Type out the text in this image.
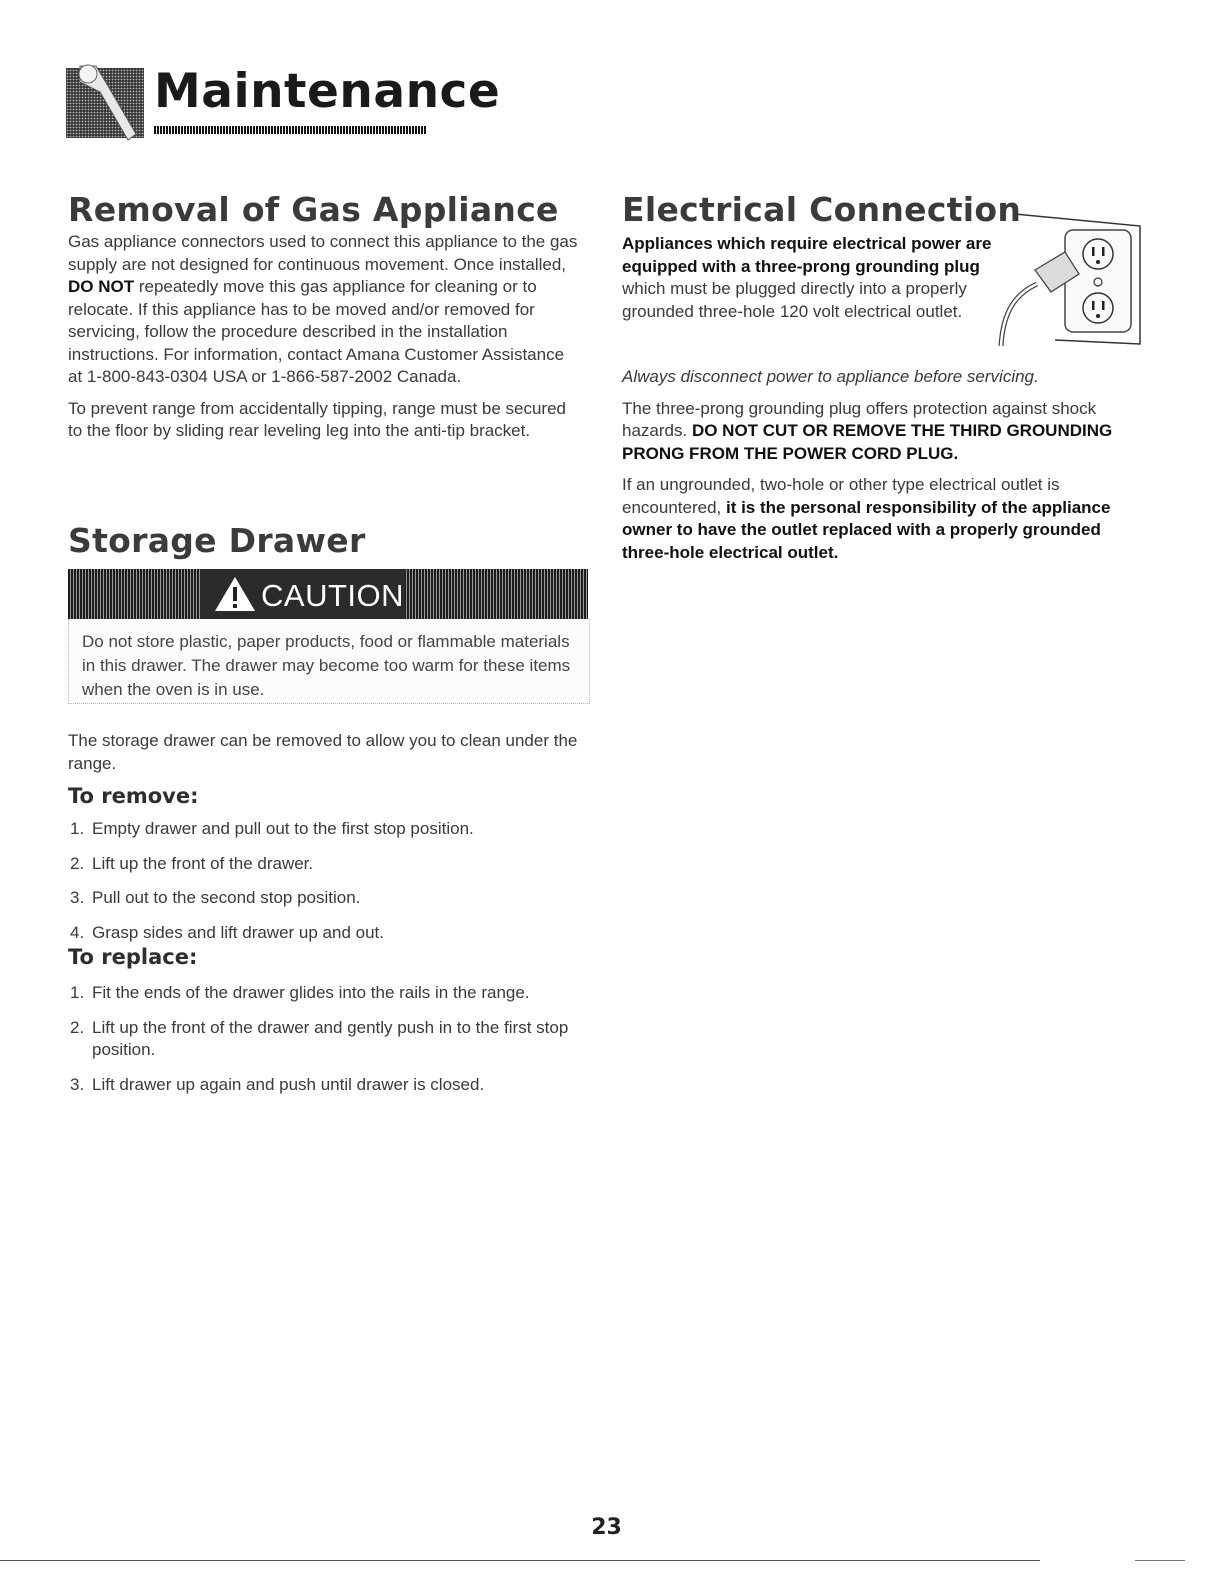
Maintenance
Removal of Gas Appliance

Gas appliance connectors used to connect this appliance to the gas supply are not designed for continuous movement. Once installed, DO NOT repeatedly move this gas appliance for cleaning or to relocate. If this appliance has to be moved and/or removed for servicing, follow the procedure described in the installation instructions. For information, contact Amana Customer Assistance at 1-800-843-0304 USA or 1-866-587-2002 Canada.

To prevent range from accidentally tipping, range must be secured to the floor by sliding rear leveling leg into the anti-tip bracket.

Storage Drawer
CAUTION
Do not store plastic, paper products, food or flammable materials in this drawer. The drawer may become too warm for these items when the oven is in use.
The storage drawer can be removed to allow you to clean under the range.
To remove:
1. Empty drawer and pull out to the first stop position.
2. Lift up the front of the drawer.
3. Pull out to the second stop position.
4. Grasp sides and lift drawer up and out.
To replace:
1. Fit the ends of the drawer glides into the rails in the range.
2. Lift up the front of the drawer and gently push in to the first stop position.
3. Lift drawer up again and push until drawer is closed.
Electrical Connection
Appliances which require electrical power are equipped with a three-prong grounding plug which must be plugged directly into a properly grounded three-hole 120 volt electrical outlet.

Always disconnect power to appliance before servicing.

The three-prong grounding plug offers protection against shock hazards. DO NOT CUT OR REMOVE THE THIRD GROUNDING PRONG FROM THE POWER CORD PLUG.

If an ungrounded, two-hole or other type electrical outlet is encountered, it is the personal responsibility of the appliance owner to have the outlet replaced with a properly grounded three-hole electrical outlet.

23
